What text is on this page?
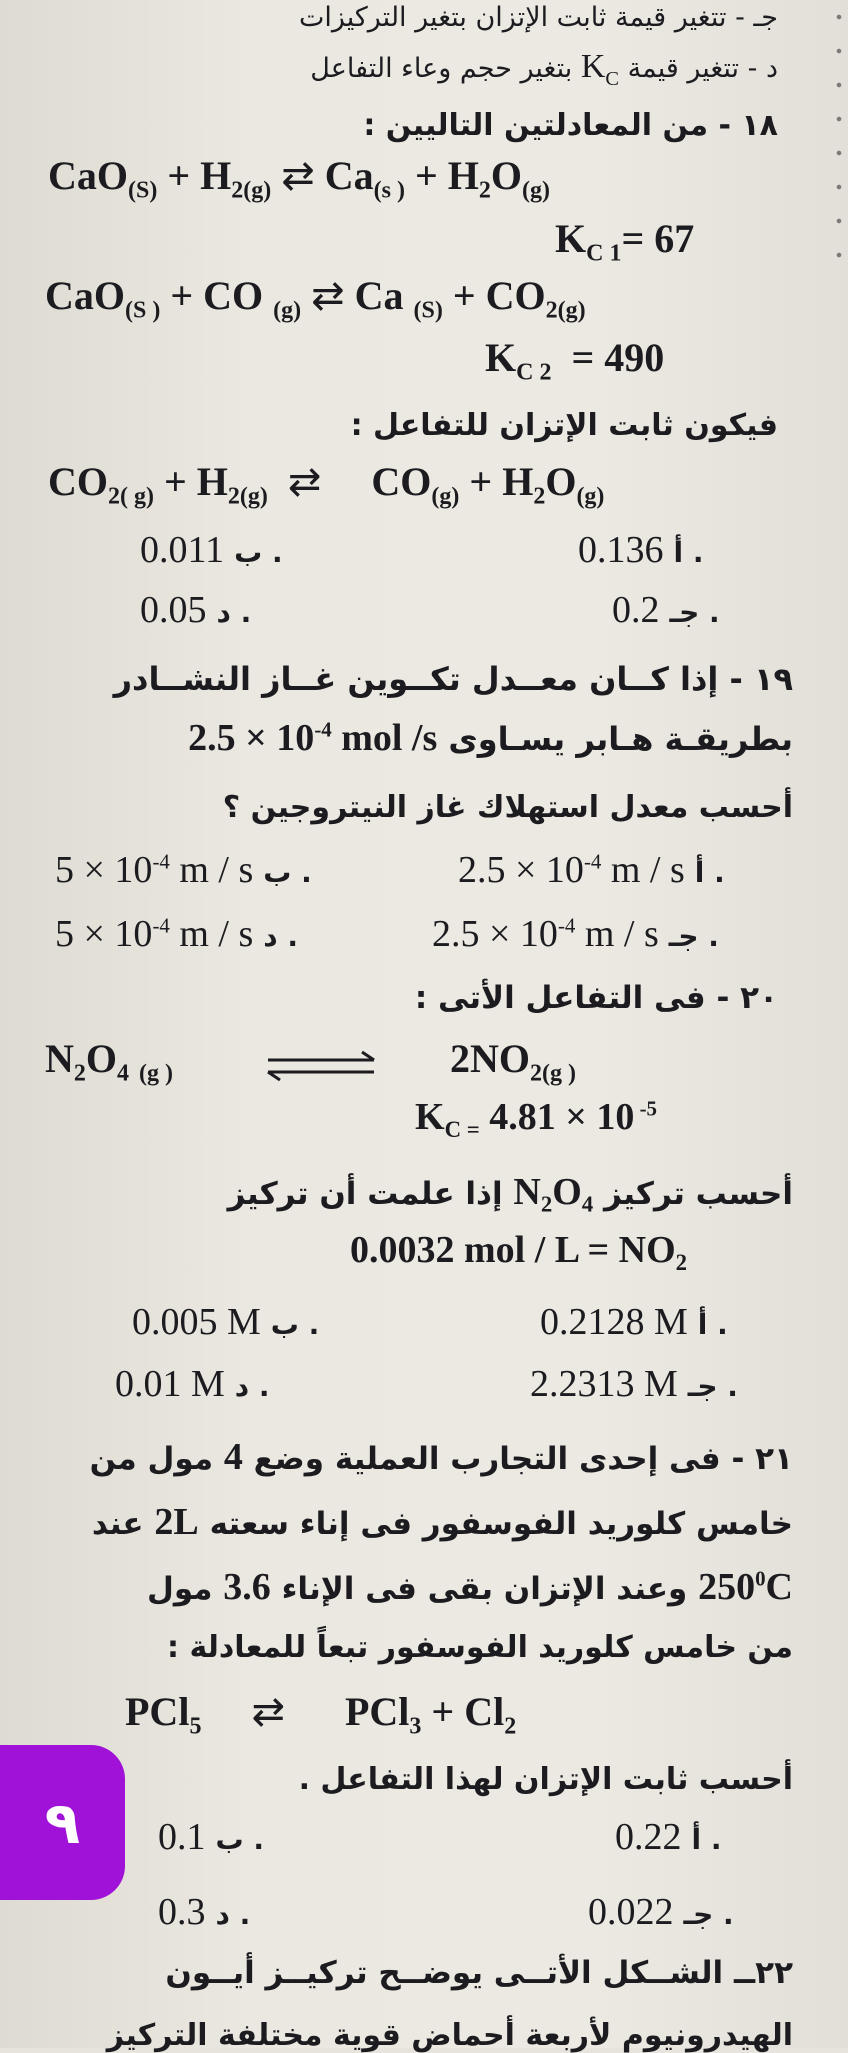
جـ - تتغير قيمة ثابت الإتزان بتغير التركيزات
د - تتغير قيمة $K_C$ بتغير حجم وعاء التفاعل
١٨ - من المعادلتين التاليين :
$CaO_{(S)} + H_{2(g)}$ ⇄ $Ca_{(s )} + H_2O_{(g)}$
$K_{C 1}= 67$
CaO$_{(S )}$ + CO $_{(g)}$ ⇄ Ca $_{(S)} + CO_{2(g)}$
$K_{C 2} = 490$
فيكون ثابت الإتزان للتفاعل :
$CO_{2( g)} + H_{2(g)}$ ⇄ $CO_{(g)} + H_2O_{(g)}$
0.011 ب .	0.136 أ .
0.05 د .	0.2 جـ .
١٩ - إذا كــان معــدل تكــوين غــاز النشــادر
بطريقـة هـابر يسـاوى $2.5 \times 10^{-4}$ mol /s
أحسب معدل استهلاك غاز النيتروجين ؟
$5 \times 10^{-4}$ m / s ب .	$2.5 \times 10^{-4}$ m / s أ .
$5 \times 10^{-4}$ m / s د .	$2.5 \times 10^{-4}$ m / s جـ .
٢٠ - فى التفاعل الأتى :
$N_2O_4$ $_{(g )}$	$2NO_{2(g )}$
$K_{C =}$ 4.81 × 10 $^{-5}$
أحسب تركيز N₂O₄ إذا علمت أن تركيز
0.0032 mol / $L = NO_2$
0.005 M ب .	0.2128 M أ .
0.01 M د .	2.2313 M جـ .
٢١ - فى إحدى التجارب العملية وضع 4 مول من
خامس كلوريد الفوسفور فى إناء سعته 2L عند
$250^0C$ وعند الإتزان بقى فى الإناء 3.6 مول
من خامس كلوريد الفوسفور تبعاً للمعادلة :
PCl$_5$ ⇄ $PCl_3 + Cl_2$
أحسب ثابت الإتزان لهذا التفاعل .
0.1 ب .	0.22 أ .
0.3 د .	0.022 جـ .
٢٢ــ الشــكل الأتــى يوضــح تركيــز أيــون
الهيدرونيوم لأربعة أحماض قوية مختلفة التركيز
٩
